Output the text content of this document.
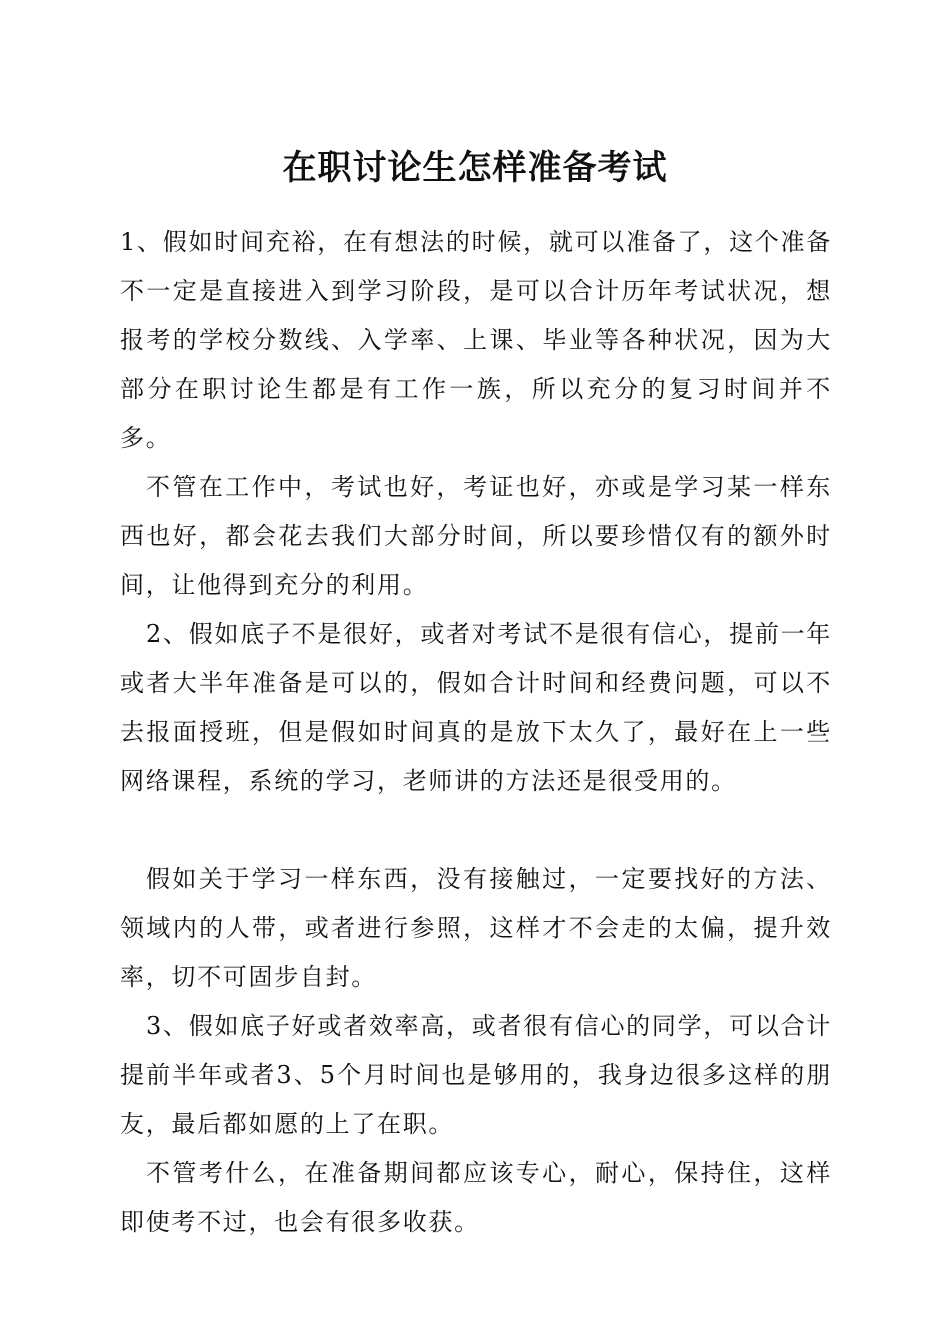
在职讨论生怎样准备考试

1、假如时间充裕，在有想法的时候，就可以准备了，这个准备不一定是直接进入到学习阶段，是可以合计历年考试状况，想报考的学校分数线、入学率、上课、毕业等各种状况，因为大部分在职讨论生都是有工作一族，所以充分的复习时间并不多。

不管在工作中，考试也好，考证也好，亦或是学习某一样东西也好，都会花去我们大部分时间，所以要珍惜仅有的额外时间，让他得到充分的利用。

2、假如底子不是很好，或者对考试不是很有信心，提前一年或者大半年准备是可以的，假如合计时间和经费问题，可以不去报面授班，但是假如时间真的是放下太久了，最好在上一些网络课程，系统的学习，老师讲的方法还是很受用的。

假如关于学习一样东西，没有接触过，一定要找好的方法、领域内的人带，或者进行参照，这样才不会走的太偏，提升效率，切不可固步自封。

3、假如底子好或者效率高，或者很有信心的同学，可以合计提前半年或者3、5个月时间也是够用的，我身边很多这样的朋友，最后都如愿的上了在职。

不管考什么，在准备期间都应该专心，耐心，保持住，这样即使考不过，也会有很多收获。
